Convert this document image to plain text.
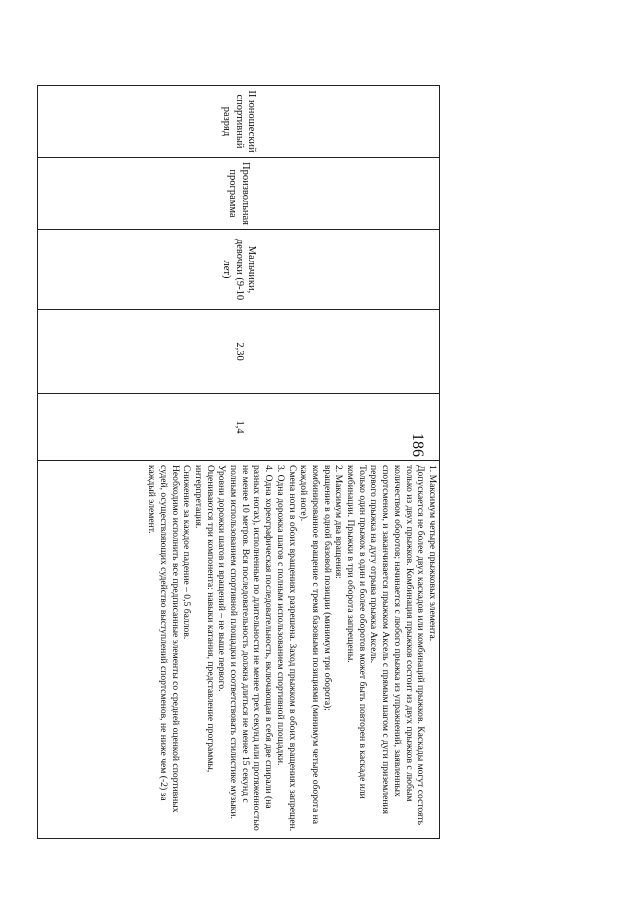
186
II юношеский спортивный разряд	Произвольная программа	Мальчики, девочки (9-10 лет)	2,30	1,4	
1. Максимум четыре прыжковых элемента.
Допускается не более двух каскадов или комбинаций прыжков. Каскады могут состоять только из двух прыжков. Комбинация прыжков состоит из двух прыжков с любым количеством оборотов; начинается с любого прыжка из упражнений, заявленных спортсменом, и заканчивается прыжком Аксель с прямым шагом с дуги приземления первого прыжка на дугу отрыва прыжка Аксель.
Только один прыжок в один и более оборотов может быть повторен в каскаде или комбинации. Прыжки в три оборота запрещены.
2. Максимум два вращения:
вращение в одной базовой позиции (минимум три оборота);
комбинированное вращение с тремя базовыми позициями (минимум четыре оборота на каждой ноге).
Смена ноги в обоих вращениях разрешена. Заход прыжком в обоих вращениях запрещен.
3. Одна дорожка шагов с полным использованием спортивной площадки.
4. Одна хореографическая последовательность, включающая в себя две спирали (на разных ногах), исполненные по длительности не менее трех секунд или протяженностью не менее 10 метров. Вся последовательность должна длиться не менее 15 секунд с полным использованием спортивной площадки и соответствовать стилистике музыки.
Уровни дорожки шагов и вращений – не выше первого.
Оцениваются три компонента: навыки катания, представление программы, интерпретация.
Снижение за каждое падение – 0,5 баллов.
Необходимо исполнить все предписанные элементы со средней оценкой спортивных судей, осуществляющих судейство выступлений спортсменов, не ниже чем (-2) за каждый элемент.
